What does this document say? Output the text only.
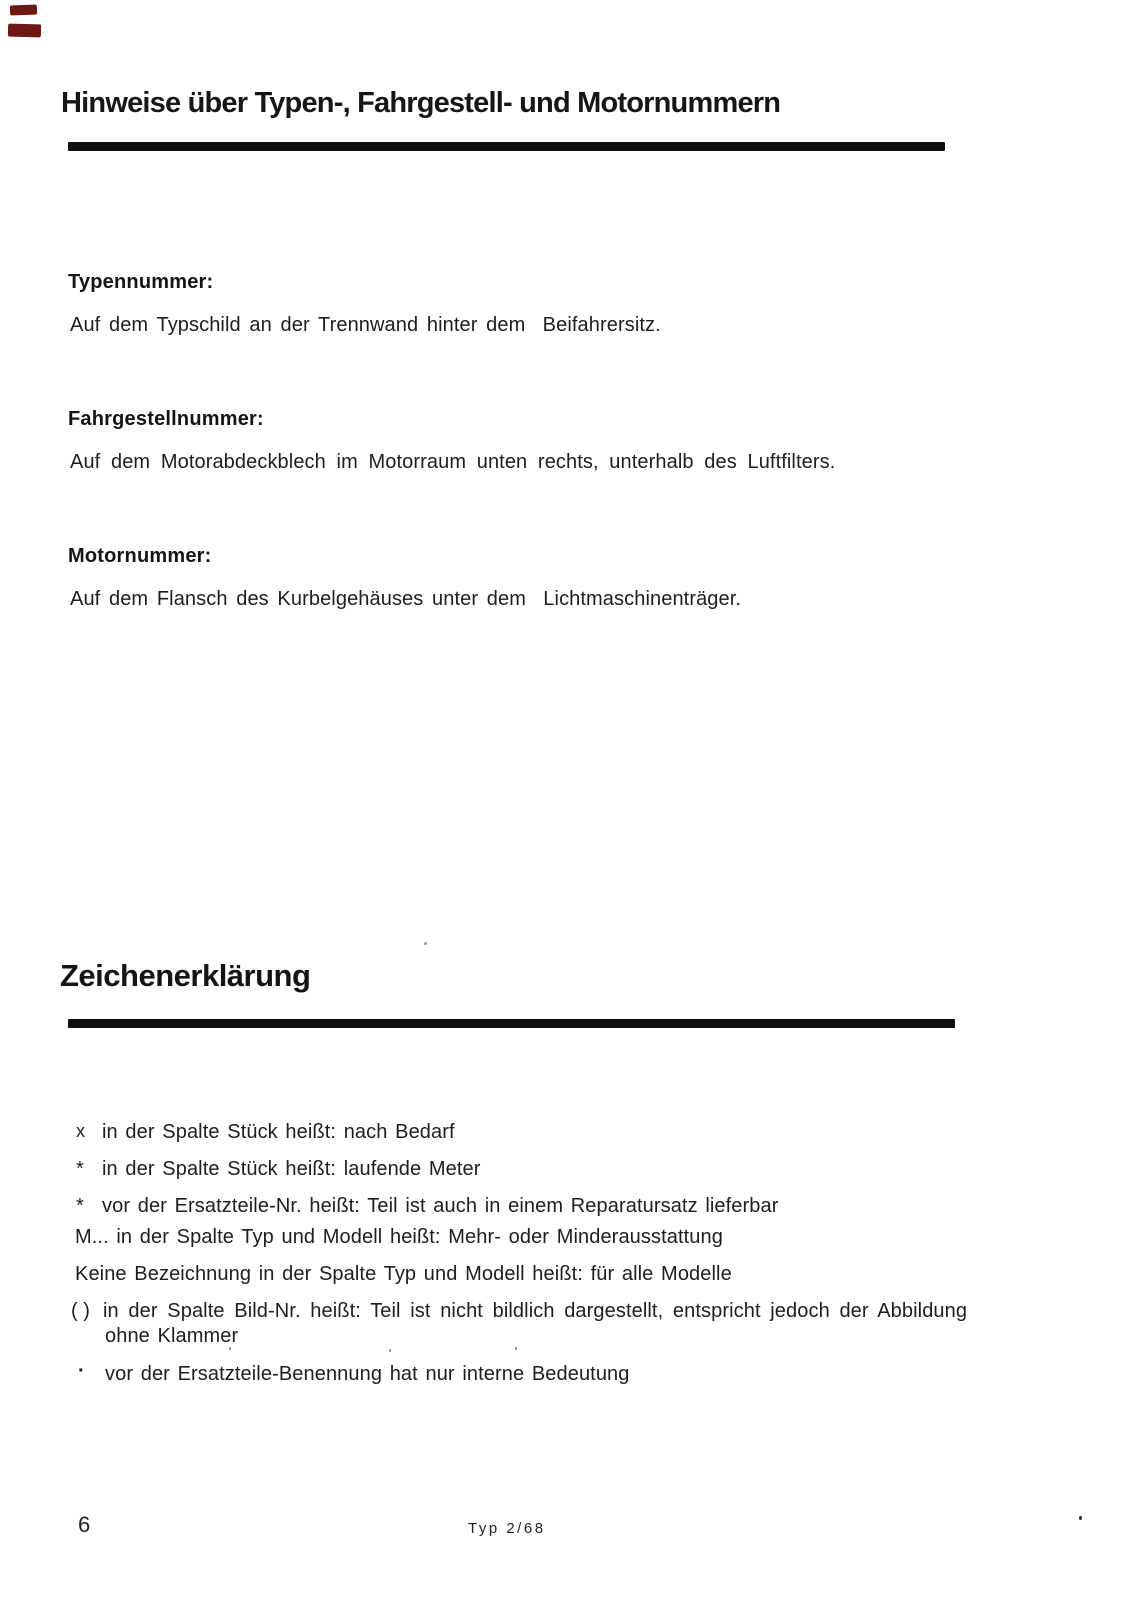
Hinweise über Typen-, Fahrgestell- und Motornummern
Typennummer:
Auf dem Typschild an der Trennwand hinter dem  Beifahrersitz.
Fahrgestellnummer:
Auf dem Motorabdeckblech im Motorraum unten rechts, unterhalb des Luftfilters.
Motornummer:
Auf dem Flansch des Kurbelgehäuses unter dem  Lichtmaschinenträger.
Zeichenerklärung
x in der Spalte Stück heißt: nach Bedarf
* in der Spalte Stück heißt: laufende Meter
* vor der Ersatzteile-Nr. heißt: Teil ist auch in einem Reparatursatz lieferbar
M... in der Spalte Typ und Modell heißt: Mehr- oder Minderausstattung
Keine Bezeichnung in der Spalte Typ und Modell heißt: für alle Modelle
( ) in der Spalte Bild-Nr. heißt: Teil ist nicht bildlich dargestellt, entspricht jedoch der Abbildung
ohne Klammer
· vor der Ersatzteile-Benennung hat nur interne Bedeutung
6	Typ 2/68
